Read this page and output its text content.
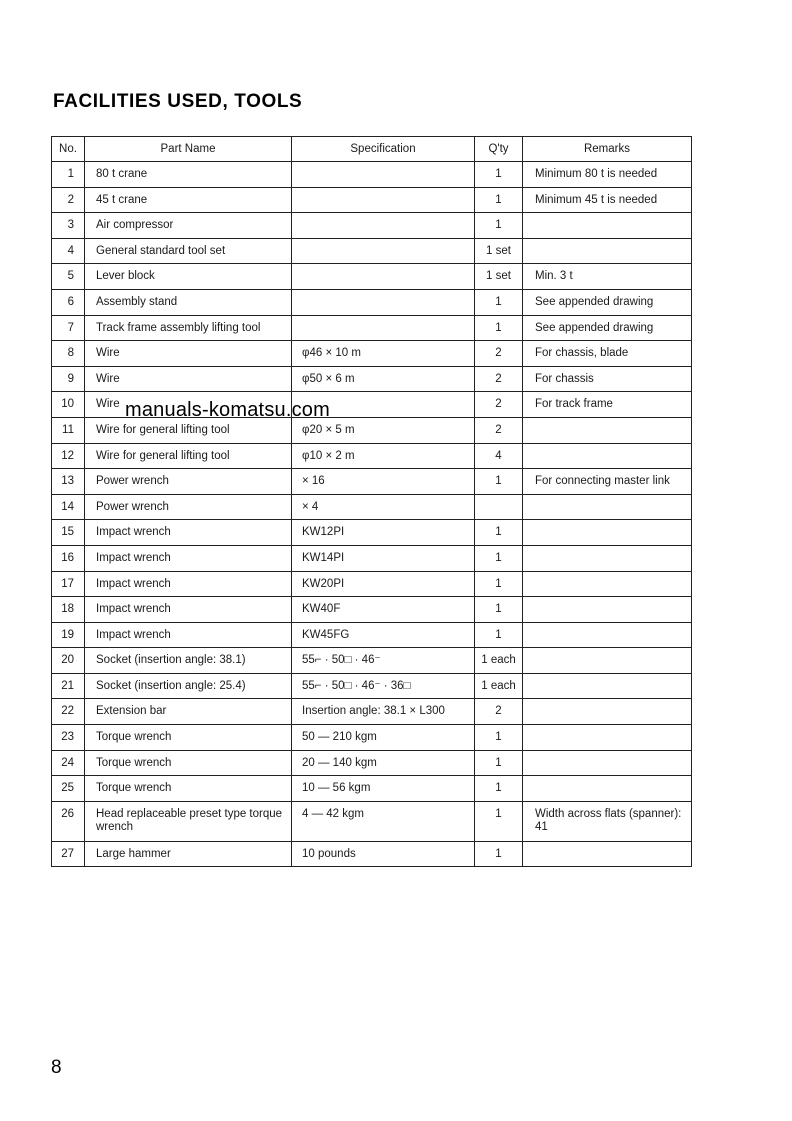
FACILITIES USED, TOOLS
No.	Part Name	Specification	Q'ty	Remarks
1	80 t crane		1	Minimum 80 t is needed
2	45 t crane		1	Minimum 45 t is needed
3	Air compressor		1	
4	General standard tool set		1 set	
5	Lever block		1 set	Min. 3 t
6	Assembly stand		1	See appended drawing
7	Track frame assembly lifting tool		1	See appended drawing
8	Wire	φ46 × 10 m	2	For chassis, blade
9	Wire	φ50 × 6 m	2	For chassis
10	Wire		2	For track frame
11	Wire for general lifting tool	φ20 × 5 m	2	
12	Wire for general lifting tool	φ10 × 2 m	4	
13	Power wrench	× 16	1	For connecting master link
14	Power wrench	× 4		
15	Impact wrench	KW12PI	1	
16	Impact wrench	KW14PI	1	
17	Impact wrench	KW20PI	1	
18	Impact wrench	KW40F	1	
19	Impact wrench	KW45FG	1	
20	Socket (insertion angle: 38.1)	55⌐ · 50□ · 46⁻	1 each	
21	Socket (insertion angle: 25.4)	55⌐ · 50□ · 46⁻ · 36□	1 each	
22	Extension bar	Insertion angle: 38.1 × L300	2	
23	Torque wrench	50 — 210 kgm	1	
24	Torque wrench	20 — 140 kgm	1	
25	Torque wrench	10 — 56 kgm	1	
26	Head replaceable preset type torque wrench	4 — 42 kgm	1	Width across flats (spanner): 41
27	Large hammer	10 pounds	1	
manuals-komatsu.com
8
